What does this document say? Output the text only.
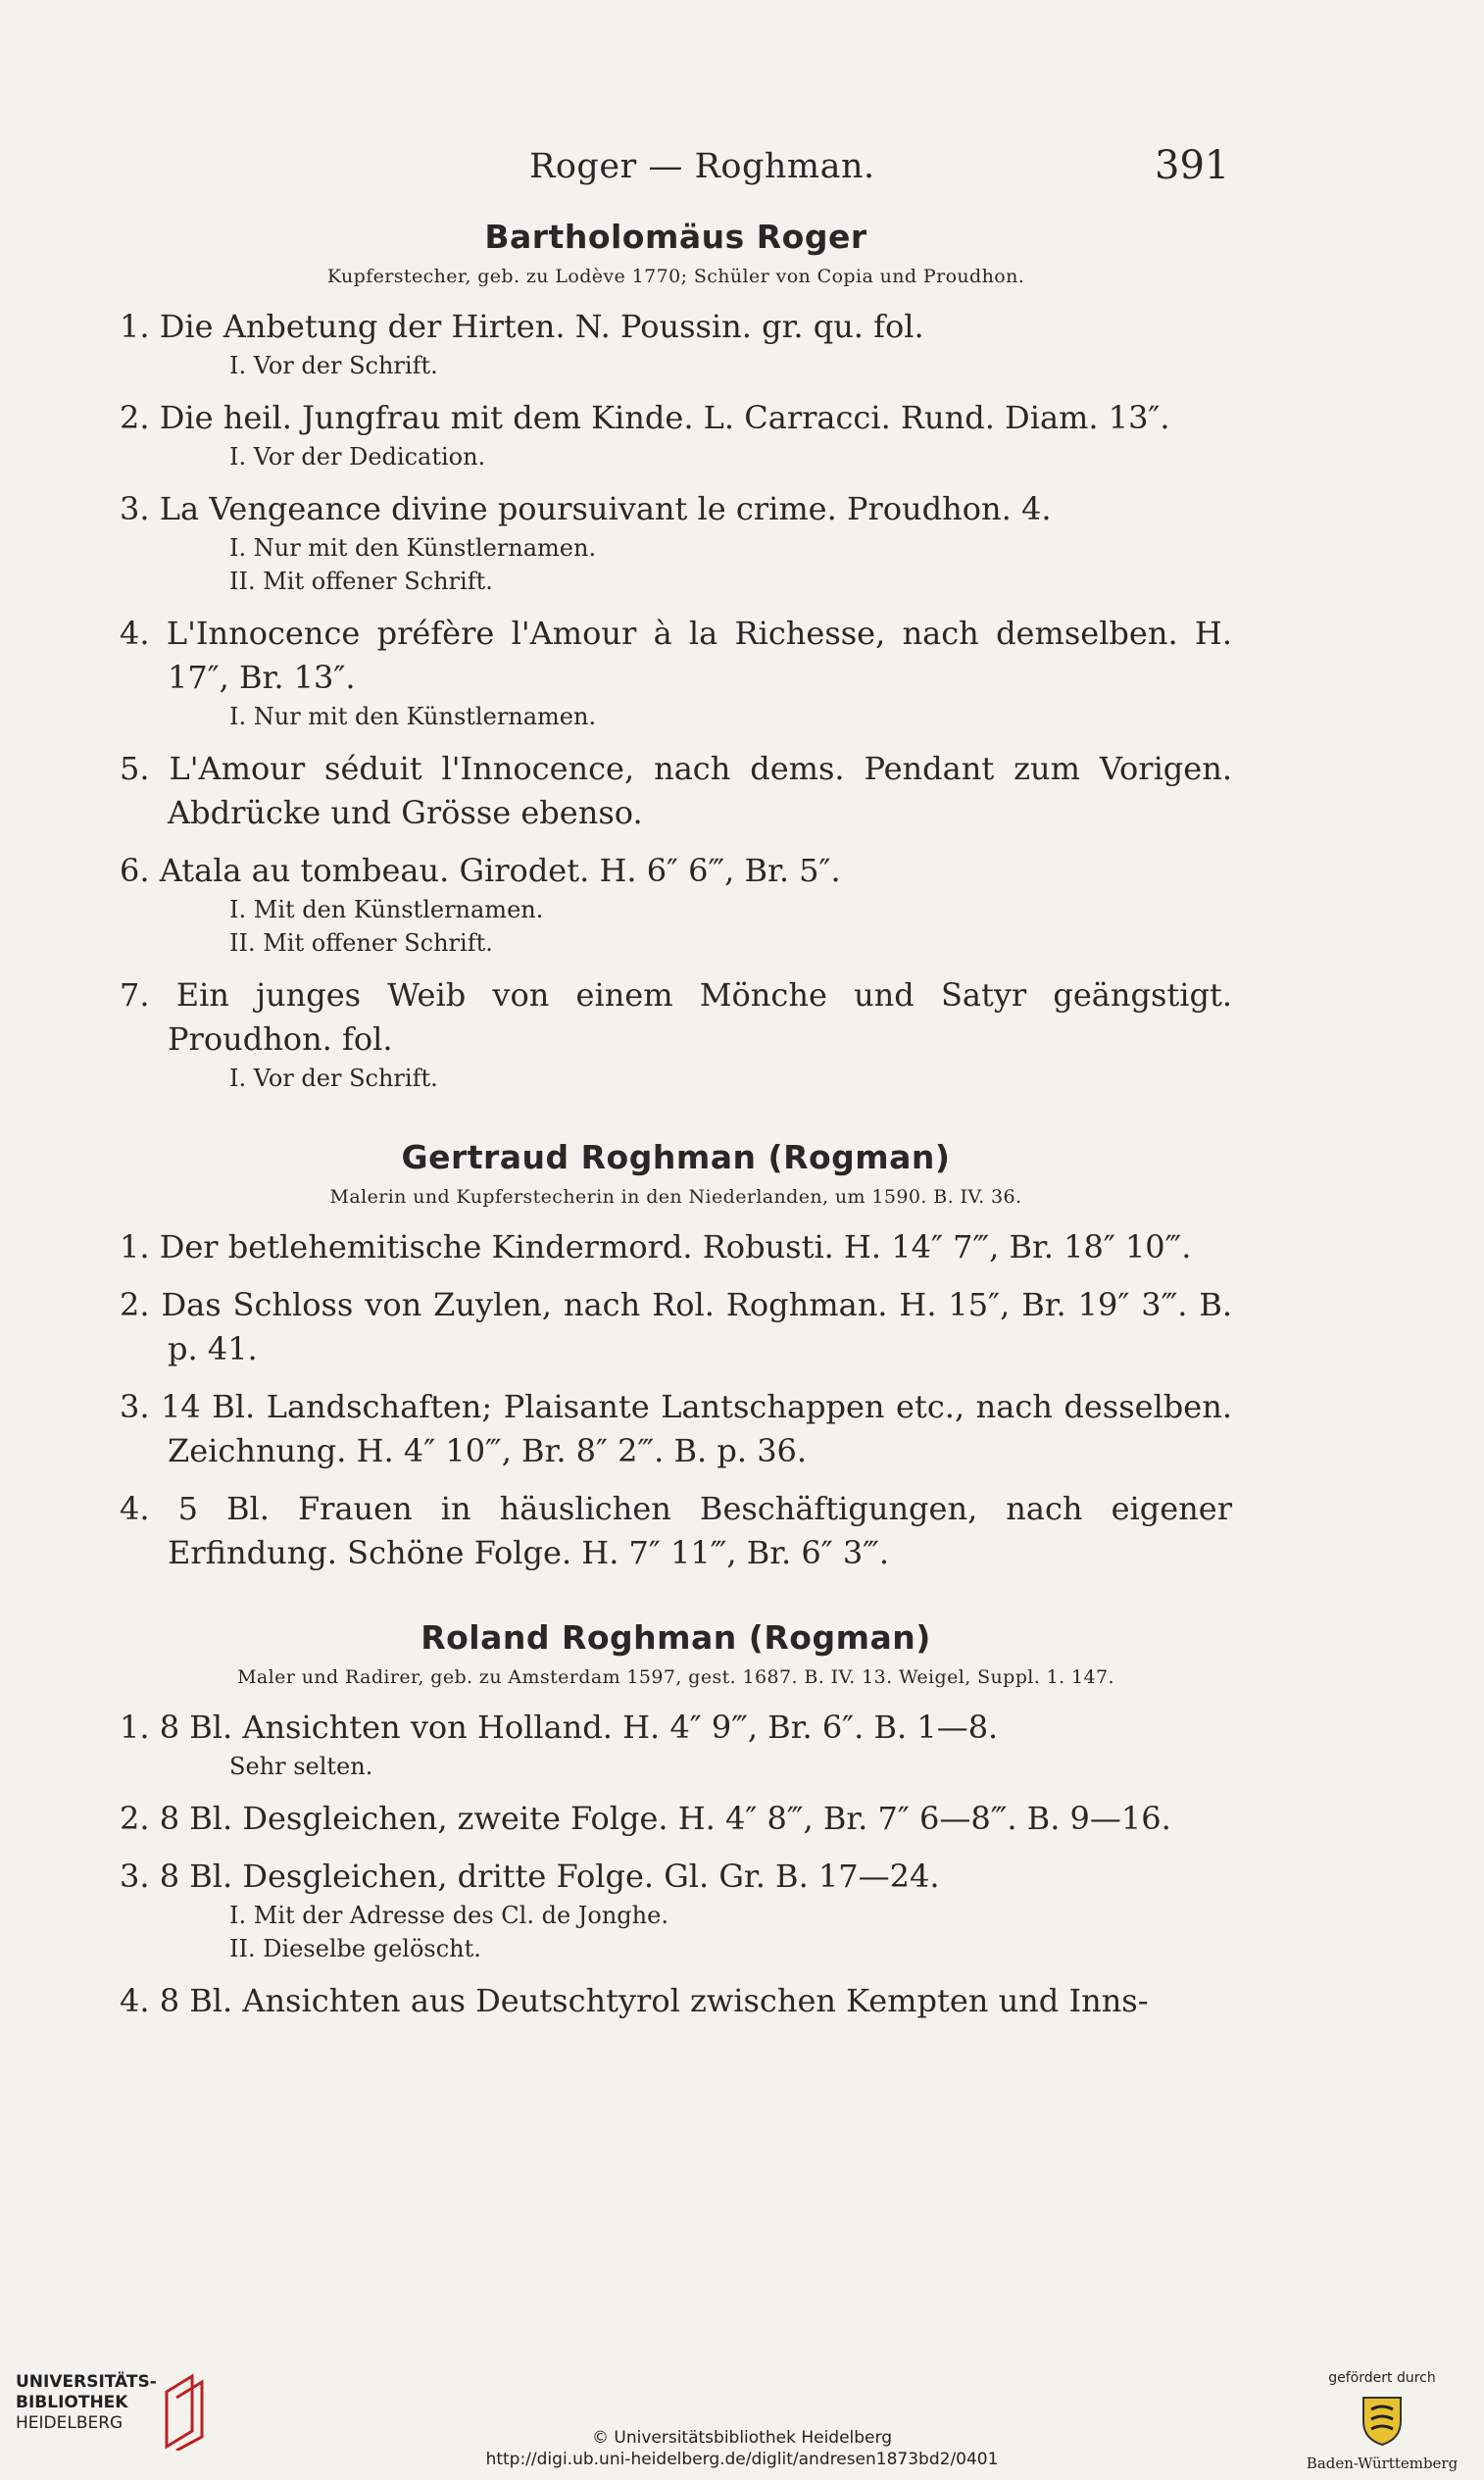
Roger — Roghman.	391
Bartholomäus Roger

Kupferstecher, geb. zu Lodève 1770; Schüler von Copia und Proudhon.

1. Die Anbetung der Hirten. N. Poussin. gr. qu. fol.

I. Vor der Schrift.

2. Die heil. Jungfrau mit dem Kinde. L. Carracci. Rund. Diam. 13″.

I. Vor der Dedication.

3. La Vengeance divine poursuivant le crime. Proudhon. 4.

I. Nur mit den Künstlernamen.

II. Mit offener Schrift.

4. L'Innocence préfère l'Amour à la Richesse, nach demselben. H. 17″, Br. 13″.

I. Nur mit den Künstlernamen.

5. L'Amour séduit l'Innocence, nach dems. Pendant zum Vorigen. Abdrücke und Grösse ebenso.

6. Atala au tombeau. Girodet. H. 6″ 6‴, Br. 5″.

I. Mit den Künstlernamen.

II. Mit offener Schrift.

7. Ein junges Weib von einem Mönche und Satyr geängstigt. Proudhon. fol.

I. Vor der Schrift.

Gertraud Roghman (Rogman)

Malerin und Kupferstecherin in den Niederlanden, um 1590. B. IV. 36.

1. Der betlehemitische Kindermord. Robusti. H. 14″ 7‴, Br. 18″ 10‴.

2. Das Schloss von Zuylen, nach Rol. Roghman. H. 15″, Br. 19″ 3‴. B. p. 41.

3. 14 Bl. Landschaften; Plaisante Lantschappen etc., nach desselben. Zeichnung. H. 4″ 10‴, Br. 8″ 2‴. B. p. 36.

4. 5 Bl. Frauen in häuslichen Beschäftigungen, nach eigener Erfindung. Schöne Folge. H. 7″ 11‴, Br. 6″ 3‴.

Roland Roghman (Rogman)

Maler und Radirer, geb. zu Amsterdam 1597, gest. 1687. B. IV. 13. Weigel, Suppl. 1. 147.

1. 8 Bl. Ansichten von Holland. H. 4″ 9‴, Br. 6″. B. 1—8.

Sehr selten.

2. 8 Bl. Desgleichen, zweite Folge. H. 4″ 8‴, Br. 7″ 6—8‴. B. 9—16.

3. 8 Bl. Desgleichen, dritte Folge. Gl. Gr. B. 17—24.

I. Mit der Adresse des Cl. de Jonghe.

II. Dieselbe gelöscht.

4. 8 Bl. Ansichten aus Deutschtyrol zwischen Kempten und Inns-

UNIVERSITÄTS-
BIBLIOTHEK
HEIDELBERG
© Universitätsbibliothek Heidelberg
http://digi.ub.uni-heidelberg.de/diglit/andresen1873bd2/0401
gefördert durch
Baden-Württemberg
